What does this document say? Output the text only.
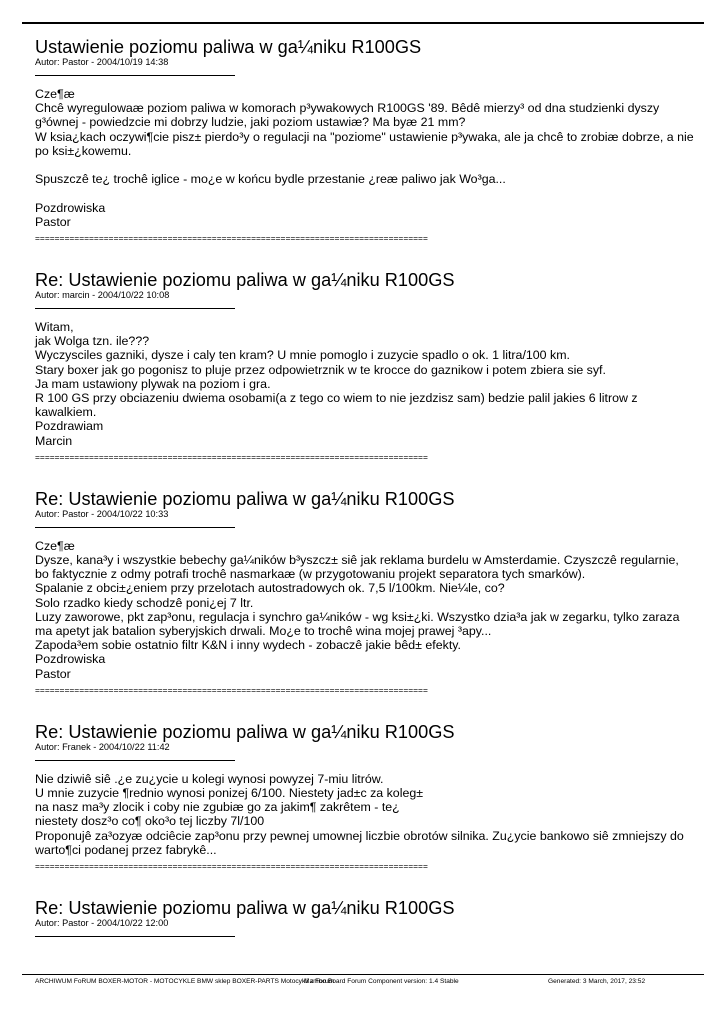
Ustawienie poziomu paliwa w ga¼niku R100GS
Autor: Pastor - 2004/10/19 14:38
Cze¶æ
Chcê wyregulowaæ poziom paliwa w komorach p³ywakowych R100GS '89. Bêdê mierzy³ od dna studzienki dyszy
g³ównej - powiedzcie mi dobrzy ludzie, jaki poziom ustawiæ? Ma byæ 21 mm?
W ksia¿kach oczywi¶cie pisz± pierdo³y o regulacji na "poziome" ustawienie p³ywaka, ale ja chcê to zrobiæ dobrze, a nie
po ksi±¿kowemu.
Spuszczê te¿ trochê iglice - mo¿e w końcu bydle przestanie ¿reæ paliwo jak Wo³ga...
Pozdrowiska
Pastor
================================================================================
Re: Ustawienie poziomu paliwa w ga¼niku R100GS
Autor: marcin - 2004/10/22 10:08
Witam,
jak Wolga tzn. ile???
Wyczysciles gazniki, dysze i caly ten kram? U mnie pomoglo i zuzycie spadlo o ok. 1 litra/100 km.
Stary boxer jak go pogonisz to pluje przez odpowietrznik w te krocce do gaznikow i potem zbiera sie syf.
Ja mam ustawiony plywak na poziom i gra.
R 100 GS przy obciazeniu dwiema osobami(a z tego co wiem to nie jezdzisz sam) bedzie palil jakies 6 litrow z
kawalkiem.
Pozdrawiam
Marcin
================================================================================
Re: Ustawienie poziomu paliwa w ga¼niku R100GS
Autor: Pastor - 2004/10/22 10:33
Cze¶æ
Dysze, kana³y i wszystkie bebechy ga¼ników b³yszcz± siê jak reklama burdelu w Amsterdamie. Czyszczê regularnie,
bo faktycznie z odmy potrafi trochê nasmarkaæ (w przygotowaniu projekt separatora tych smarków).
Spalanie z obci±¿eniem przy przelotach autostradowych ok. 7,5 l/100km. Nie¼le, co?
Solo rzadko kiedy schodzê poni¿ej 7 ltr.
Luzy zaworowe, pkt zap³onu, regulacja i synchro ga¼ników - wg ksi±¿ki. Wszystko dzia³a jak w zegarku, tylko zaraza
ma apetyt jak batalion syberyjskich drwali. Mo¿e to trochê wina mojej prawej ³apy...
Zapoda³em sobie ostatnio filtr K&N i inny wydech - zobaczê jakie bêd± efekty.
Pozdrowiska
Pastor
================================================================================
Re: Ustawienie poziomu paliwa w ga¼niku R100GS
Autor: Franek - 2004/10/22 11:42
Nie dziwiê siê .¿e zu¿ycie u kolegi wynosi powyzej 7-miu litrów.
U mnie zuzycie ¶rednio wynosi ponizej 6/100. Niestety jad±c za koleg±
na nasz ma³y zlocik i coby nie zgubiæ go za jakim¶ zakrêtem - te¿
niestety dosz³o co¶ oko³o tej liczby 7l/100
Proponujê za³ozyæ odciêcie zap³onu przy pewnej umownej liczbie obrotów silnika. Zu¿ycie bankowo siê zmniejszy do
warto¶ci podanej przez fabrykê...
================================================================================
Re: Ustawienie poziomu paliwa w ga¼niku R100GS
Autor: Pastor - 2004/10/22 12:00
ARCHIWUM FoRUM BOXER-MOTOR - MOTOCYKLE BMW sklep BOXER-PARTS Motocykli z Forum
Mambo Board Forum Component version: 1.4 Stable	Generated: 3 March, 2017, 23:52
